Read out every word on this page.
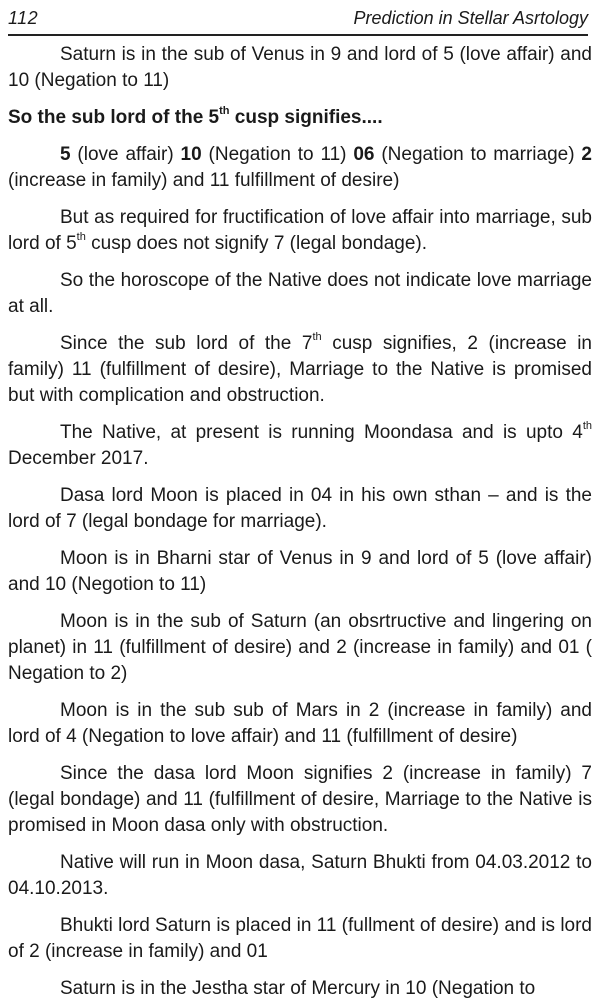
112	Prediction in Stellar Asrtology

Saturn is in the sub of Venus in 9 and lord of 5 (love affair) and 10 (Negation to 11)

So the sub lord of the 5th cusp signifies....

5 (love affair) 10 (Negation to 11) 06 (Negation to marriage) 2 (increase in family) and 11 fulfillment of desire)

But as required for fructification of love affair into marriage, sub lord of 5th cusp does not signify 7 (legal bondage).

So the horoscope of the Native does not indicate love marriage at all.

Since the sub lord of the 7th cusp signifies, 2 (increase in family) 11 (fulfillment of desire), Marriage to the Native is promised but with complication and obstruction.

The Native, at present is running Moondasa and is upto 4th December 2017.

Dasa lord Moon is placed in 04 in his own sthan – and is the lord of 7 (legal bondage for marriage).

Moon is in Bharni star of Venus in 9 and lord of 5 (love affair) and 10 (Negotion to 11)

Moon is in the sub of Saturn (an obsrtructive and lingering on planet) in 11 (fulfillment of desire) and 2 (increase in family) and 01 ( Negation to 2)

Moon is in the sub sub of Mars in 2 (increase in family) and lord of 4 (Negation to love affair) and 11 (fulfillment of desire)

Since the dasa lord Moon signifies 2 (increase in family) 7 (legal bondage) and 11 (fulfillment of desire, Marriage to the Native is promised in Moon dasa only with obstruction.

Native will run in Moon dasa, Saturn Bhukti from 04.03.2012 to 04.10.2013.

Bhukti lord Saturn is placed in 11 (fullment of desire) and is lord of 2 (increase in family) and 01

Saturn is in the Jestha star of Mercury in 10 (Negation to
